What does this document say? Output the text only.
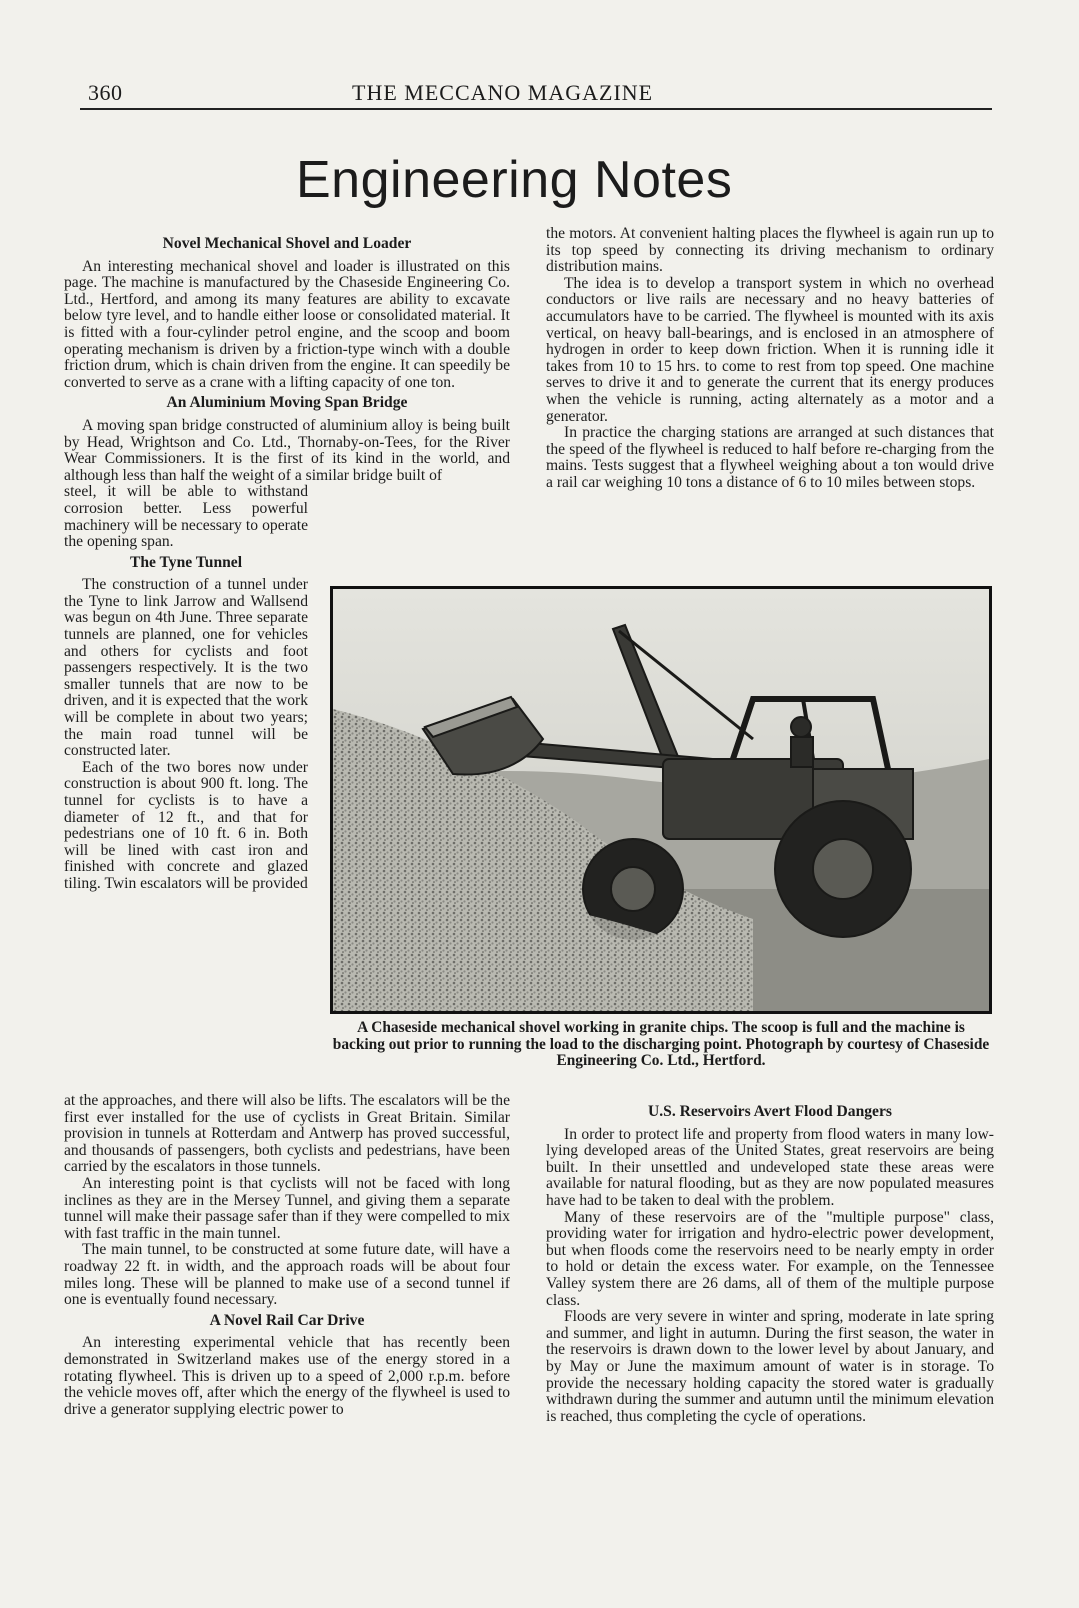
360	THE MECCANO MAGAZINE
Engineering Notes
Novel Mechanical Shovel and Loader

An interesting mechanical shovel and loader is illustrated on this page. The machine is manufactured by the Chaseside Engineering Co. Ltd., Hertford, and among its many features are ability to excavate below tyre level, and to handle either loose or consolidated material. It is fitted with a four-cylinder petrol engine, and the scoop and boom operating mechanism is driven by a friction-type winch with a double friction drum, which is chain driven from the engine. It can speedily be converted to serve as a crane with a lifting capacity of one ton.

An Aluminium Moving Span Bridge

A moving span bridge constructed of aluminium alloy is being built by Head, Wrightson and Co. Ltd., Thornaby-on-Tees, for the River Wear Commissioners. It is the first of its kind in the world, and although less than half the weight of a similar bridge built of

steel, it will be able to withstand corrosion better. Less powerful machinery will be necessary to operate the opening span.

The Tyne Tunnel

The construction of a tunnel under the Tyne to link Jarrow and Wallsend was begun on 4th June. Three separate tunnels are planned, one for vehicles and others for cyclists and foot passengers respectively. It is the two smaller tunnels that are now to be driven, and it is expected that the work will be complete in about two years; the main road tunnel will be constructed later.

Each of the two bores now under construction is about 900 ft. long. The tunnel for cyclists is to have a diameter of 12 ft., and that for pedestrians one of 10 ft. 6 in. Both will be lined with cast iron and finished with concrete and glazed tiling. Twin escalators will be provided

at the approaches, and there will also be lifts. The escalators will be the first ever installed for the use of cyclists in Great Britain. Similar provision in tunnels at Rotterdam and Antwerp has proved successful, and thousands of passengers, both cyclists and pedestrians, have been carried by the escalators in those tunnels.

An interesting point is that cyclists will not be faced with long inclines as they are in the Mersey Tunnel, and giving them a separate tunnel will make their passage safer than if they were compelled to mix with fast traffic in the main tunnel.

The main tunnel, to be constructed at some future date, will have a roadway 22 ft. in width, and the approach roads will be about four miles long. These will be planned to make use of a second tunnel if one is eventually found necessary.

A Novel Rail Car Drive

An interesting experimental vehicle that has recently been demonstrated in Switzerland makes use of the energy stored in a rotating flywheel. This is driven up to a speed of 2,000 r.p.m. before the vehicle moves off, after which the energy of the flywheel is used to drive a generator supplying electric power to

the motors. At convenient halting places the flywheel is again run up to its top speed by connecting its driving mechanism to ordinary distribution mains.

The idea is to develop a transport system in which no overhead conductors or live rails are necessary and no heavy batteries of accumulators have to be carried. The flywheel is mounted with its axis vertical, on heavy ball-bearings, and is enclosed in an atmosphere of hydrogen in order to keep down friction. When it is running idle it takes from 10 to 15 hrs. to come to rest from top speed. One machine serves to drive it and to generate the current that its energy produces when the vehicle is running, acting alternately as a motor and a generator.

In practice the charging stations are arranged at such distances that the speed of the flywheel is reduced to half before re-charging from the mains. Tests suggest that a flywheel weighing about a ton would drive a rail car weighing 10 tons a distance of 6 to 10 miles between stops.

A Chaseside mechanical shovel working in granite chips. The scoop is full and the machine is backing out prior to running the load to the discharging point. Photograph by courtesy of Chaseside Engineering Co. Ltd., Hertford.
U.S. Reservoirs Avert Flood Dangers

In order to protect life and property from flood waters in many low-lying developed areas of the United States, great reservoirs are being built. In their unsettled and undeveloped state these areas were available for natural flooding, but as they are now populated measures have had to be taken to deal with the problem.

Many of these reservoirs are of the "multiple purpose" class, providing water for irrigation and hydro-electric power development, but when floods come the reservoirs need to be nearly empty in order to hold or detain the excess water. For example, on the Tennessee Valley system there are 26 dams, all of them of the multiple purpose class.

Floods are very severe in winter and spring, moderate in late spring and summer, and light in autumn. During the first season, the water in the reservoirs is drawn down to the lower level by about January, and by May or June the maximum amount of water is in storage. To provide the necessary holding capacity the stored water is gradually withdrawn during the summer and autumn until the minimum elevation is reached, thus completing the cycle of operations.
